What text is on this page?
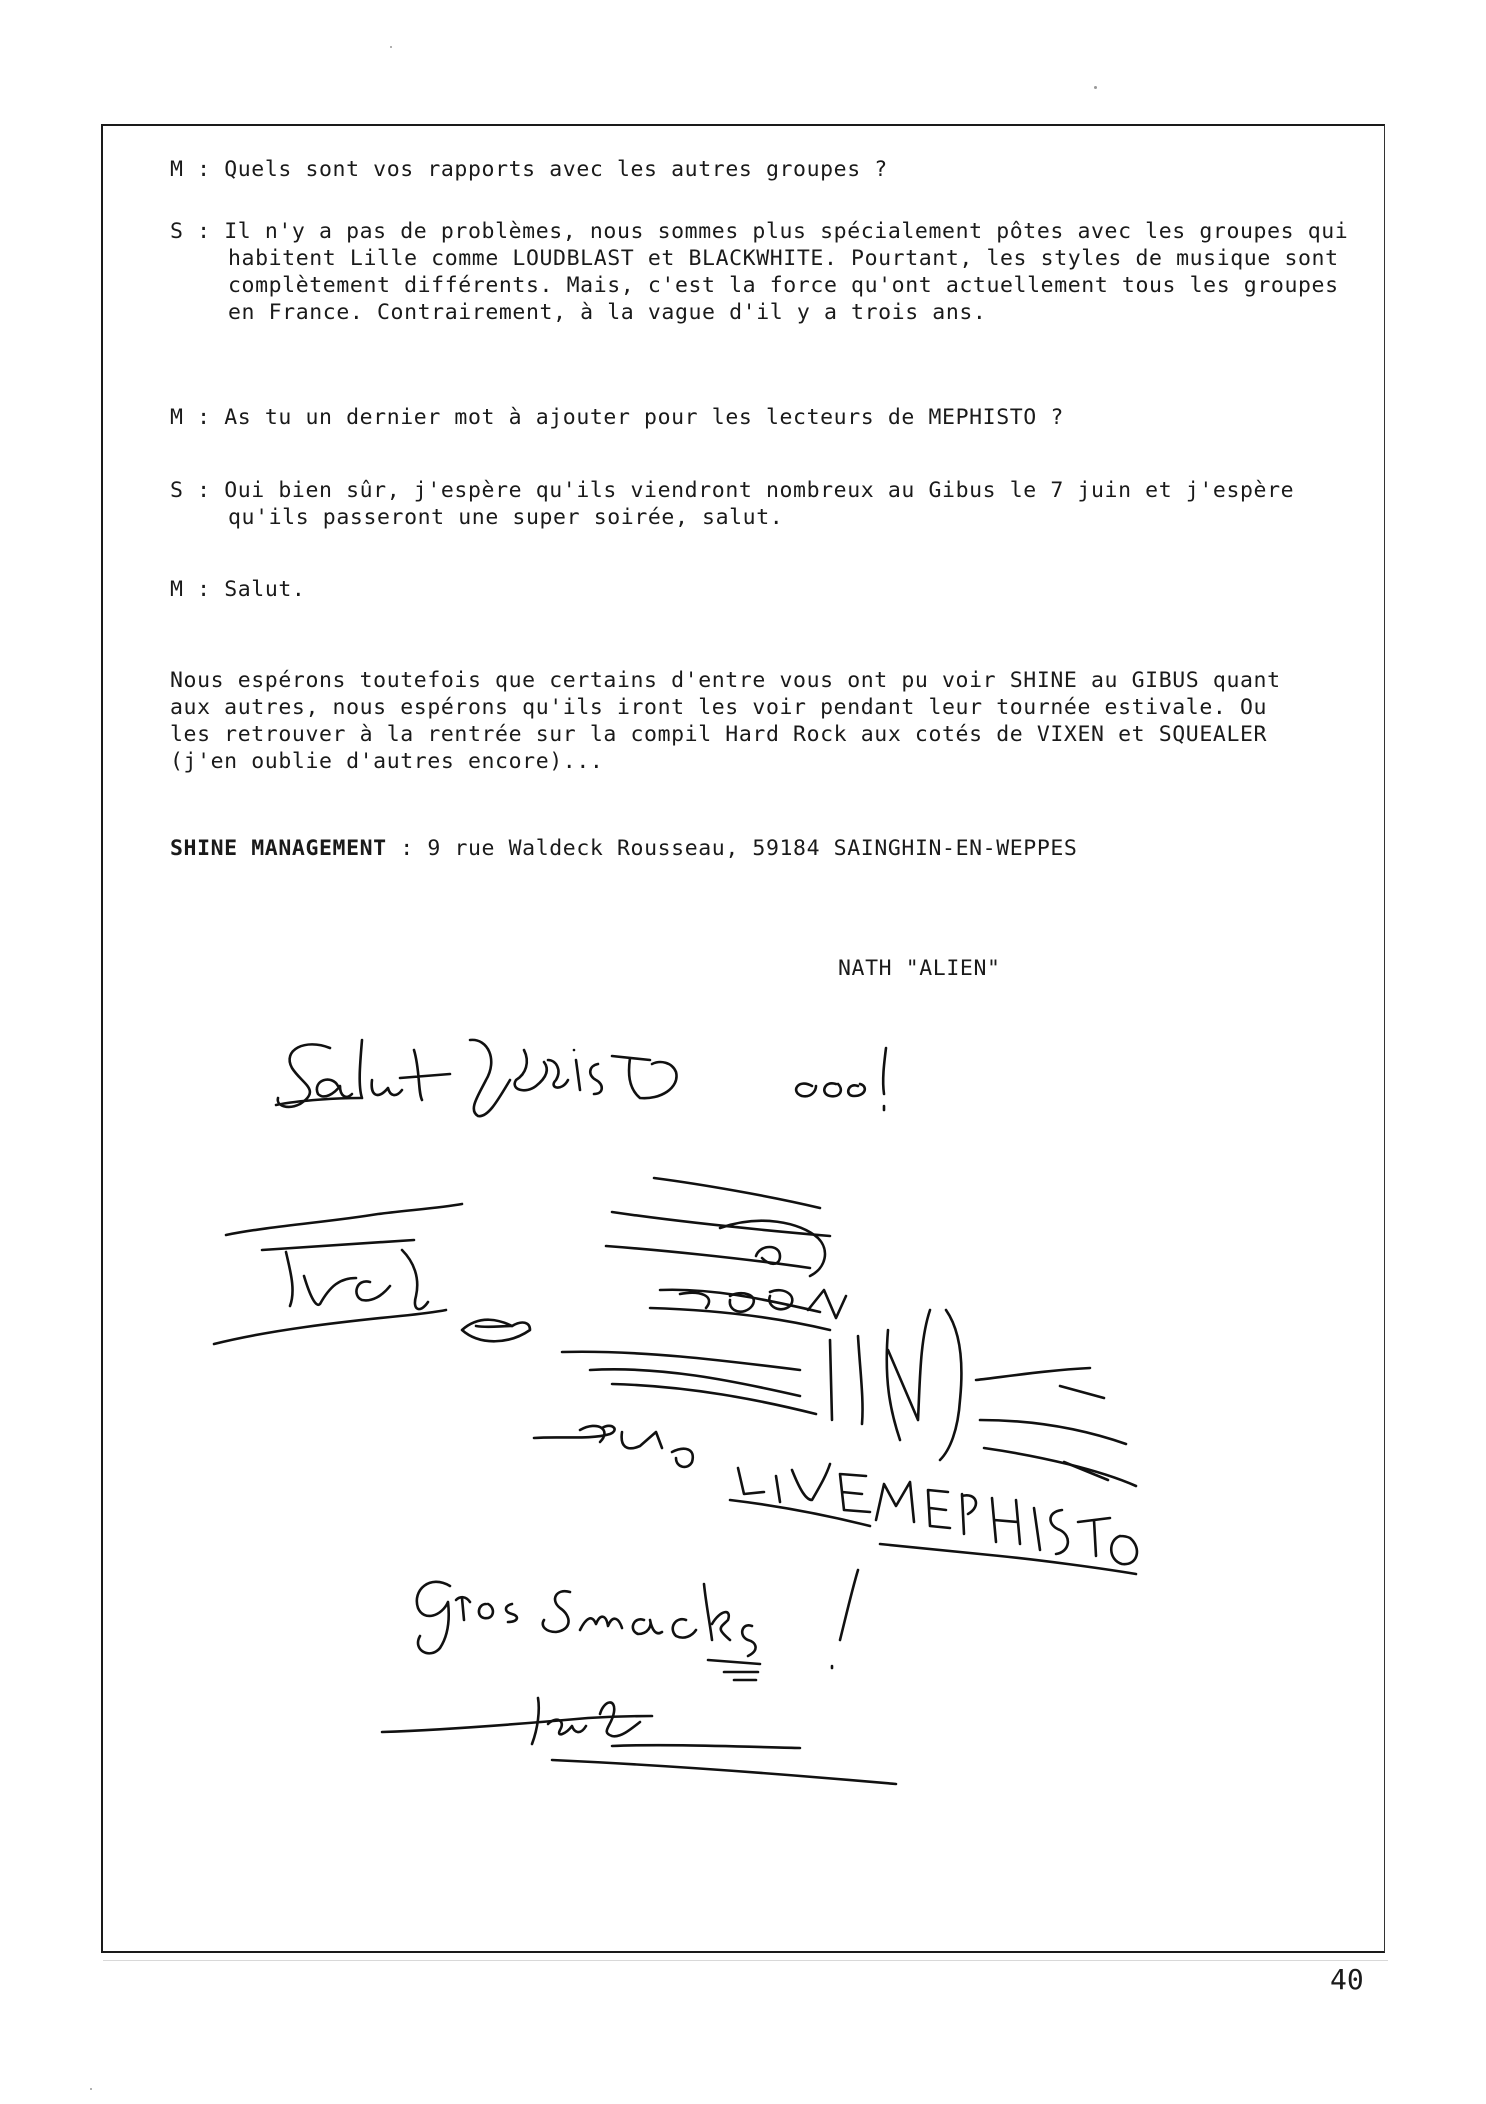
M : Quels sont vos rapports avec les autres groupes ?
S : Il n'y a pas de problèmes, nous sommes plus spécialement pôtes avec les groupes qui habitent Lille comme LOUDBLAST et BLACKWHITE. Pourtant, les styles de musique sont complètement différents. Mais, c'est la force qu'ont actuellement tous les groupes en France. Contrairement, à la vague d'il y a trois ans.
M : As tu un dernier mot à ajouter pour les lecteurs de MEPHISTO ?
S : Oui bien sûr, j'espère qu'ils viendront nombreux au Gibus le 7 juin et j'espère qu'ils passeront une super soirée, salut.
M : Salut.
Nous espérons toutefois que certains d'entre vous ont pu voir SHINE au GIBUS quant aux autres, nous espérons qu'ils iront les voir pendant leur tournée estivale. Ou les retrouver à la rentrée sur la compil Hard Rock aux cotés de VIXEN et SQUEALER (j'en oublie d'autres encore)...
SHINE MANAGEMENT : 9 rue Waldeck Rousseau, 59184 SAINGHIN-EN-WEPPES
NATH "ALIEN"
40
